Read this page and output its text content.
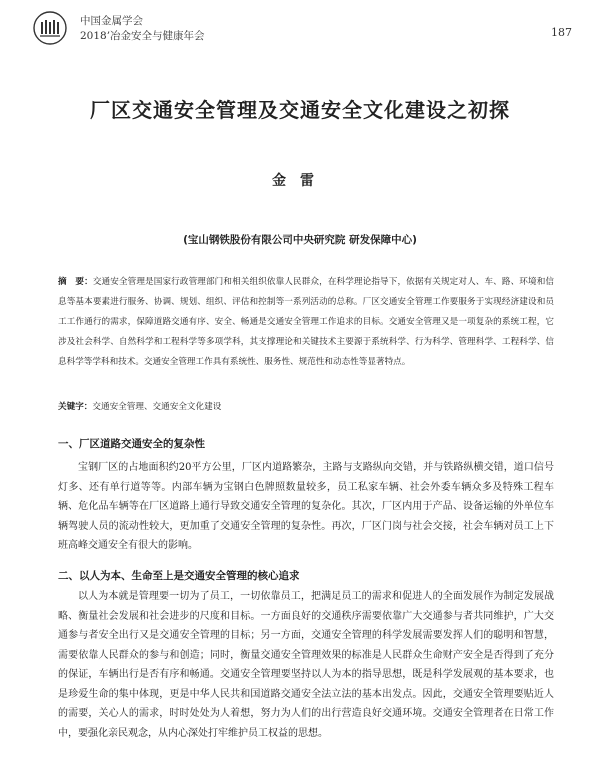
中国金属学会
2018’冶金安全与健康年会	187
厂区交通安全管理及交通安全文化建设之初探
金雷
(宝山钢铁股份有限公司中央研究院 研发保障中心)
摘　要：交通安全管理是国家行政管理部门和相关组织依靠人民群众，在科学理论指导下，依据有关规定对人、车、路、环境和信息等基本要素进行服务、协调、规划、组织、评估和控制等一系列活动的总称。厂区交通安全管理工作要服务于实现经济建设和员工工作通行的需求，保障道路交通有序、安全、畅通是交通安全管理工作追求的目标。交通安全管理又是一项复杂的系统工程，它涉及社会科学、自然科学和工程科学等多项学科，其支撑理论和关键技术主要源于系统科学、行为科学、管理科学、工程科学、信息科学等学科和技术。交通安全管理工作具有系统性、服务性、规范性和动态性等显著特点。
关键字：交通安全管理、交通安全文化建设
一、厂区道路交通安全的复杂性
宝钢厂区的占地面积约20平方公里，厂区内道路繁杂，主路与支路纵向交错，并与铁路纵横交错，道口信号灯多、还有单行道等等。内部车辆为宝钢白色牌照数量较多，员工私家车辆、社会外委车辆众多及特殊工程车辆、危化品车辆等在厂区道路上通行导致交通安全管理的复杂化。其次，厂区内用于产品、设备运输的外单位车辆驾驶人员的流动性较大，更加重了交通安全管理的复杂性。再次，厂区门岗与社会交接，社会车辆对员工上下班高峰交通安全有很大的影响。
二、以人为本、生命至上是交通安全管理的核心追求
以人为本就是管理要一切为了员工，一切依靠员工，把满足员工的需求和促进人的全面发展作为制定发展战略、衡量社会发展和社会进步的尺度和目标。一方面良好的交通秩序需要依靠广大交通参与者共同维护，广大交通参与者安全出行又是交通安全管理的目标；另一方面，交通安全管理的科学发展需要发挥人们的聪明和智慧，需要依靠人民群众的参与和创造；同时，衡量交通安全管理效果的标准是人民群众生命财产安全是否得到了充分的保证，车辆出行是否有序和畅通。交通安全管理要坚持以人为本的指导思想，既是科学发展观的基本要求，也是珍爱生命的集中体现，更是中华人民共和国道路交通安全法立法的基本出发点。因此，交通安全管理要贴近人的需要，关心人的需求，时时处处为人着想，努力为人们的出行营造良好交通环境。交通安全管理者在日常工作中，要强化亲民观念，从内心深处打牢维护员工权益的思想。
